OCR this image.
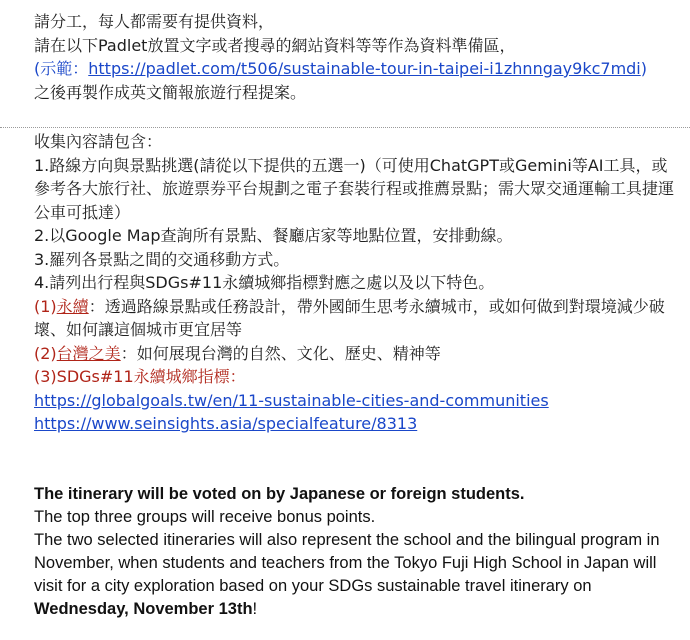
請分工，每人都需要有提供資料，
請在以下Padlet放置文字或者搜尋的網站資料等等作為資料準備區，
(示範：https://padlet.com/t506/sustainable-tour-in-taipei-i1zhnngay9kc7mdi)
之後再製作成英文簡報旅遊行程提案。
收集內容請包含：
1.路線方向與景點挑選(請從以下提供的五選一)（可使用ChatGPT或Gemini等AI工具，或參考各大旅行社、旅遊票券平台規劃之電子套裝行程或推薦景點；需大眾交通運輸工具捷運公車可抵達）
2.以Google Map查詢所有景點、餐廳店家等地點位置，安排動線。
3.羅列各景點之間的交通移動方式。
4.請列出行程與SDGs#11永續城鄉指標對應之處以及以下特色。
(1)永續：透過路線景點或任務設計，帶外國師生思考永續城市，或如何做到對環境減少破壞、如何讓這個城市更宜居等
(2)台灣之美：如何展現台灣的自然、文化、歷史、精神等
(3)SDGs#11永續城鄉指標：
https://globalgoals.tw/en/11-sustainable-cities-and-communities
https://www.seinsights.asia/specialfeature/8313
The itinerary will be voted on by Japanese or foreign students.
The top three groups will receive bonus points.
The two selected itineraries will also represent the school and the bilingual program in November, when students and teachers from the Tokyo Fuji High School in Japan will visit for a city exploration based on your SDGs sustainable travel itinerary on Wednesday, November 13th!
